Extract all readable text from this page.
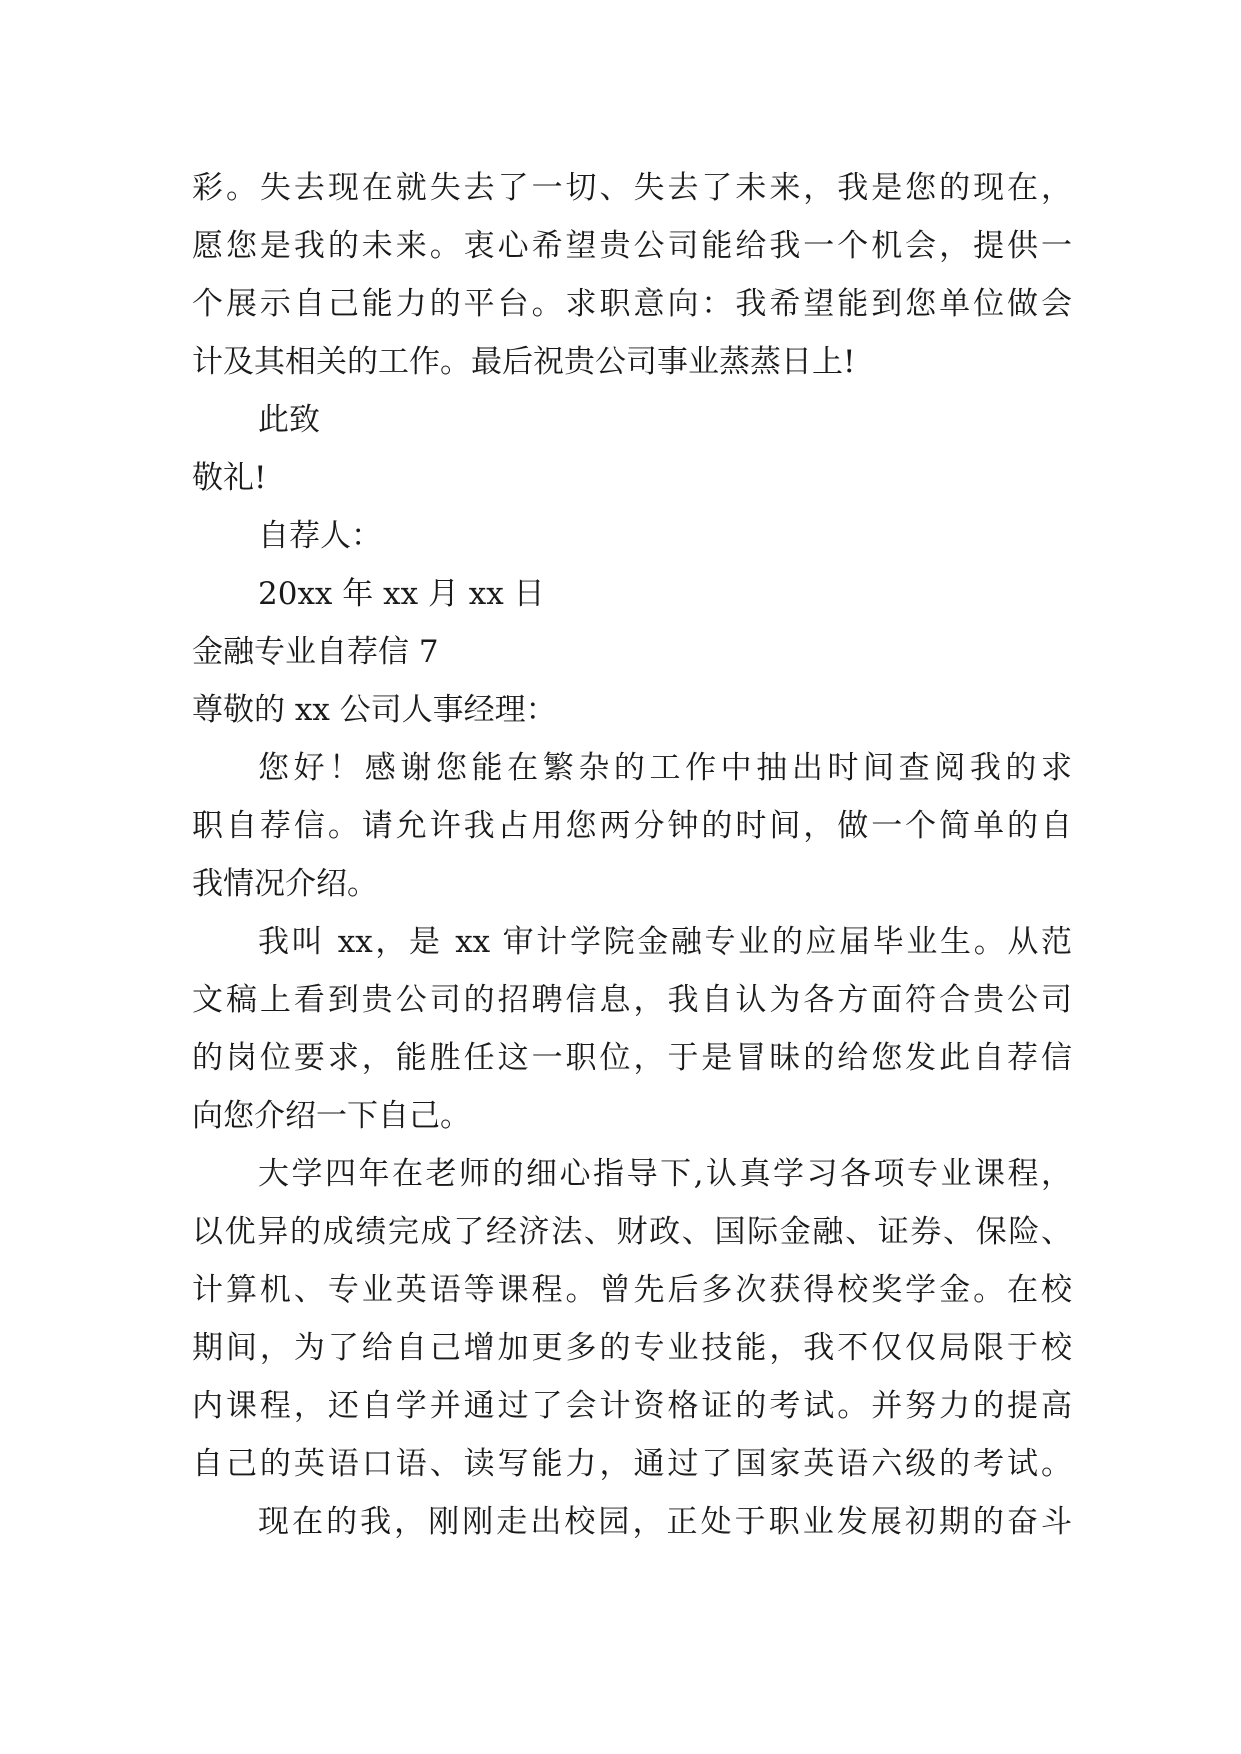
彩。失去现在就失去了一切、失去了未来，我是您的现在，
愿您是我的未来。衷心希望贵公司能给我一个机会，提供一
个展示自己能力的平台。求职意向：我希望能到您单位做会
计及其相关的工作。最后祝贵公司事业蒸蒸日上!
此致
敬礼!
自荐人：
20xx 年 xx 月 xx 日
金融专业自荐信 7
尊敬的 xx 公司人事经理：
您好！感谢您能在繁杂的工作中抽出时间查阅我的求
职自荐信。请允许我占用您两分钟的时间，做一个简单的自
我情况介绍。
我叫 xx，是 xx 审计学院金融专业的应届毕业生。从范
文稿上看到贵公司的招聘信息，我自认为各方面符合贵公司
的岗位要求，能胜任这一职位，于是冒昧的给您发此自荐信
向您介绍一下自己。
大学四年在老师的细心指导下,认真学习各项专业课程，
以优异的成绩完成了经济法、财政、国际金融、证券、保险、
计算机、专业英语等课程。曾先后多次获得校奖学金。在校
期间，为了给自己增加更多的专业技能，我不仅仅局限于校
内课程，还自学并通过了会计资格证的考试。并努力的提高
自己的英语口语、读写能力，通过了国家英语六级的考试。
现在的我，刚刚走出校园，正处于职业发展初期的奋斗
